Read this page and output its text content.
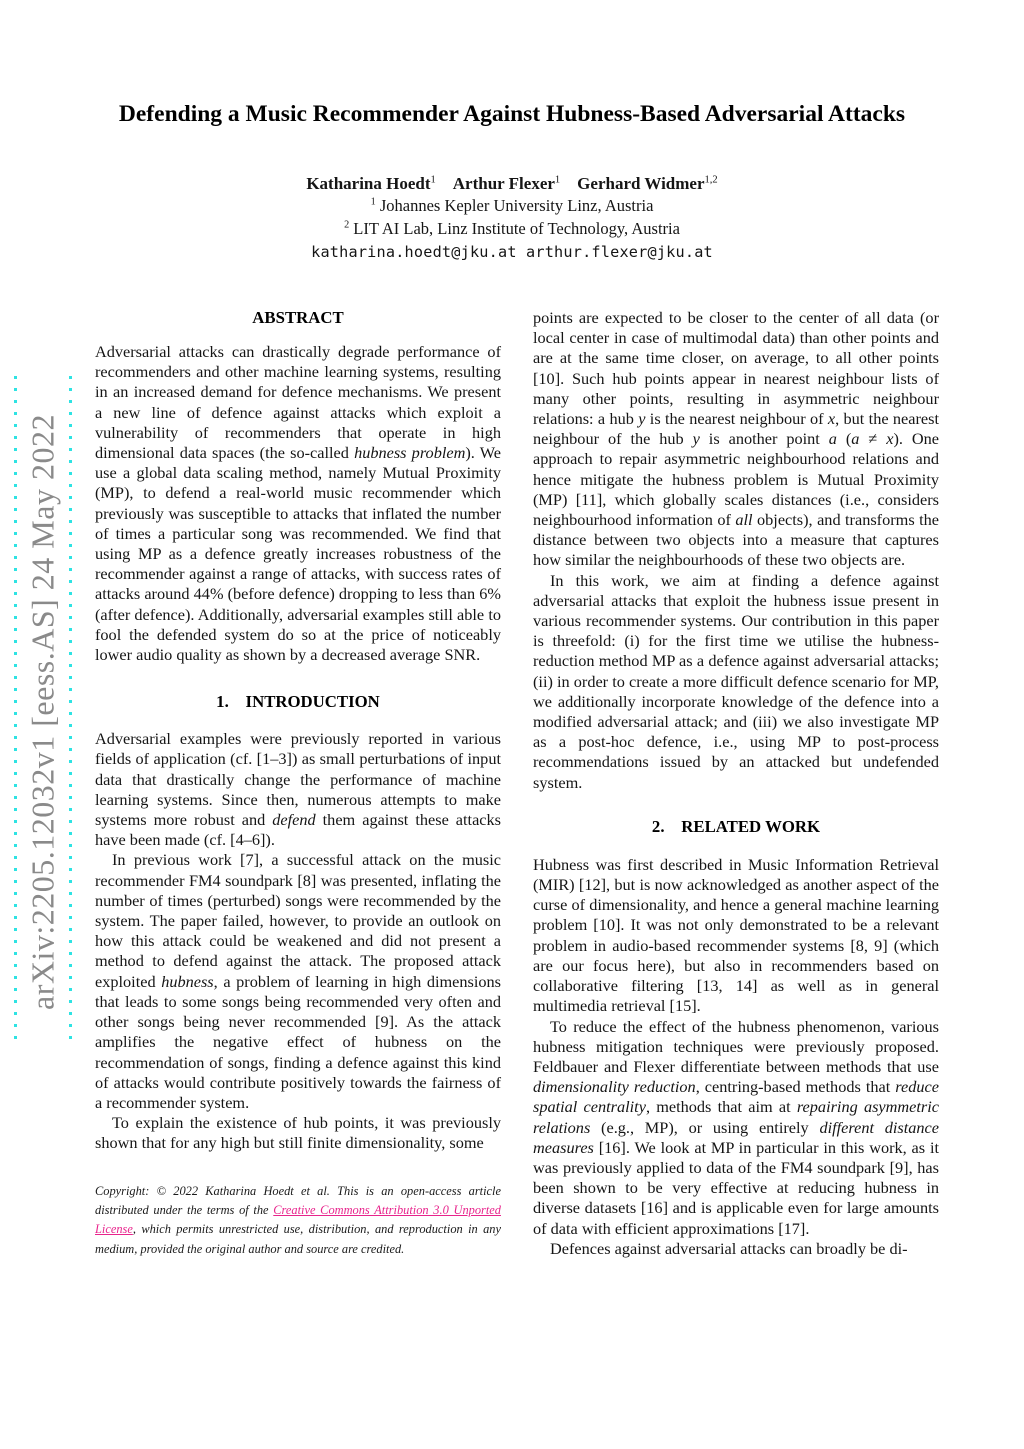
arXiv:2205.12032v1 [eess.AS] 24 May 2022
Defending a Music Recommender Against Hubness-Based Adversarial Attacks
Katharina Hoedt$^1$  Arthur Flexer$^1$  Gerhard Widmer$^{1,2}$
$^1$ Johannes Kepler University Linz, Austria
$^2$ LIT AI Lab, Linz Institute of Technology, Austria
katharina.hoedt@jku.at arthur.flexer@jku.at
ABSTRACT

Adversarial attacks can drastically degrade performance of recommenders and other machine learning systems, resulting in an increased demand for defence mechanisms. We present a new line of defence against attacks which exploit a vulnerability of recommenders that operate in high dimensional data spaces (the so-called hubness problem). We use a global data scaling method, namely Mutual Proximity (MP), to defend a real-world music recommender which previously was susceptible to attacks that inflated the number of times a particular song was recommended. We find that using MP as a defence greatly increases robustness of the recommender against a range of attacks, with success rates of attacks around 44% (before defence) dropping to less than 6% (after defence). Additionally, adversarial examples still able to fool the defended system do so at the price of noticeably lower audio quality as shown by a decreased average SNR.

1. INTRODUCTION

Adversarial examples were previously reported in various fields of application (cf. [1–3]) as small perturbations of input data that drastically change the performance of machine learning systems. Since then, numerous attempts to make systems more robust and defend them against these attacks have been made (cf. [4–6]).

In previous work [7], a successful attack on the music recommender FM4 soundpark [8] was presented, inflating the number of times (perturbed) songs were recommended by the system. The paper failed, however, to provide an outlook on how this attack could be weakened and did not present a method to defend against the attack. The proposed attack exploited hubness, a problem of learning in high dimensions that leads to some songs being recommended very often and other songs being never recommended [9]. As the attack amplifies the negative effect of hubness on the recommendation of songs, finding a defence against this kind of attacks would contribute positively towards the fairness of a recommender system.

To explain the existence of hub points, it was previously shown that for any high but still finite dimensionality, some

Copyright: © 2022 Katharina Hoedt et al. This is an open-access article distributed under the terms of the Creative Commons Attribution 3.0 Unported License, which permits unrestricted use, distribution, and reproduction in any medium, provided the original author and source are credited.

points are expected to be closer to the center of all data (or local center in case of multimodal data) than other points and are at the same time closer, on average, to all other points [10]. Such hub points appear in nearest neighbour lists of many other points, resulting in asymmetric neighbour relations: a hub y is the nearest neighbour of x, but the nearest neighbour of the hub y is another point a (a ≠ x). One approach to repair asymmetric neighbourhood relations and hence mitigate the hubness problem is Mutual Proximity (MP) [11], which globally scales distances (i.e., considers neighbourhood information of all objects), and transforms the distance between two objects into a measure that captures how similar the neighbourhoods of these two objects are.

In this work, we aim at finding a defence against adversarial attacks that exploit the hubness issue present in various recommender systems. Our contribution in this paper is threefold: (i) for the first time we utilise the hubness-reduction method MP as a defence against adversarial attacks; (ii) in order to create a more difficult defence scenario for MP, we additionally incorporate knowledge of the defence into a modified adversarial attack; and (iii) we also investigate MP as a post-hoc defence, i.e., using MP to post-process recommendations issued by an attacked but undefended system.

2. RELATED WORK

Hubness was first described in Music Information Retrieval (MIR) [12], but is now acknowledged as another aspect of the curse of dimensionality, and hence a general machine learning problem [10]. It was not only demonstrated to be a relevant problem in audio-based recommender systems [8, 9] (which are our focus here), but also in recommenders based on collaborative filtering [13, 14] as well as in general multimedia retrieval [15].

To reduce the effect of the hubness phenomenon, various hubness mitigation techniques were previously proposed. Feldbauer and Flexer differentiate between methods that use dimensionality reduction, centring-based methods that reduce spatial centrality, methods that aim at repairing asymmetric relations (e.g., MP), or using entirely different distance measures [16]. We look at MP in particular in this work, as it was previously applied to data of the FM4 soundpark [9], has been shown to be very effective at reducing hubness in diverse datasets [16] and is applicable even for large amounts of data with efficient approximations [17].

Defences against adversarial attacks can broadly be di-
